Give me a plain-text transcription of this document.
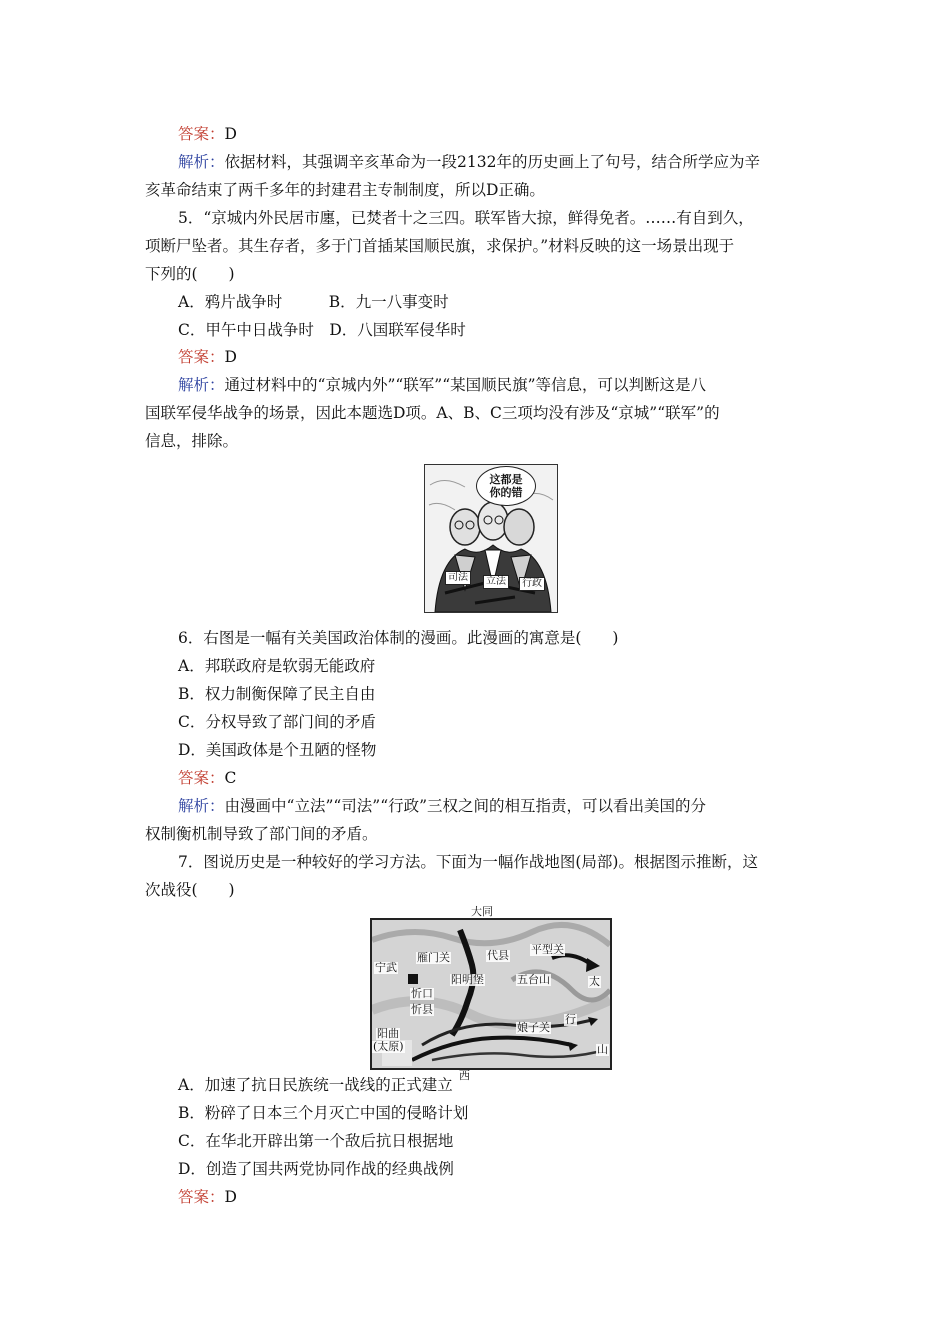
答案：D
解析：依据材料，其强调辛亥革命为一段2132年的历史画上了句号，结合所学应为辛
亥革命结束了两千多年的封建君主专制制度，所以D正确。
5．“京城内外民居市廛，已焚者十之三四。联军皆大掠，鲜得免者。……有自到久，
项断尸坠者。其生存者，多于门首插某国顺民旗，求保护。”材料反映的这一场景出现于
下列的(　　)
A．鸦片战争时　　　B．九一八事变时
C．甲午中日战争时　D．八国联军侵华时
答案：D
解析：通过材料中的“京城内外”“联军”“某国顺民旗”等信息，可以判断这是八
国联军侵华战争的场景，因此本题选D项。A、B、C三项均没有涉及“京城”“联军”的
信息，排除。
司法	立法	行政
这都是
你的错
6．右图是一幅有关美国政治体制的漫画。此漫画的寓意是(　　)
A．邦联政府是软弱无能政府
B．权力制衡保障了民主自由
C．分权导致了部门间的矛盾
D．美国政体是个丑陋的怪物
答案：C
解析：由漫画中“立法”“司法”“行政”三权之间的相互指责，可以看出美国的分
权制衡机制导致了部门间的矛盾。
7．图说历史是一种较好的学习方法。下面为一幅作战地图(局部)。根据图示推断，这
次战役(　　)
大同
宁武
雁门关	代县 平型关
太
阳明堡	五台山
忻口
忻县
行
阳曲
(太原)
娘子关
山
西
A．加速了抗日民族统一战线的正式建立
B．粉碎了日本三个月灭亡中国的侵略计划
C．在华北开辟出第一个敌后抗日根据地
D．创造了国共两党协同作战的经典战例
答案：D
